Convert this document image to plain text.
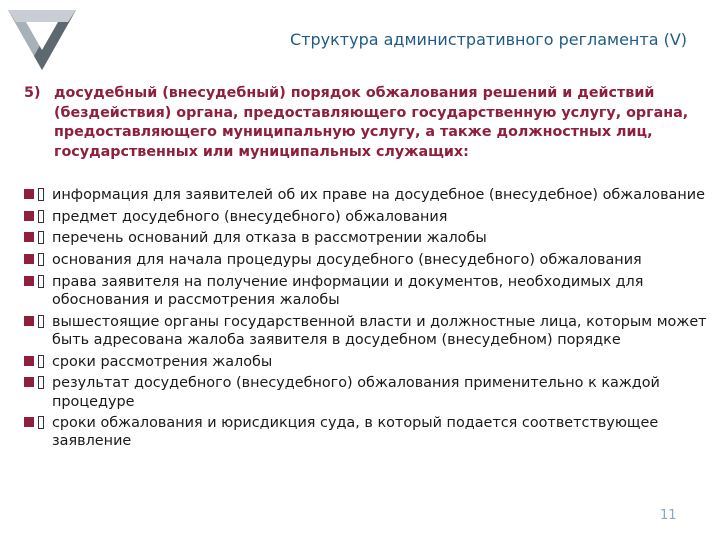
Структура административного регламента (V)
5) досудебный (внесудебный) порядок обжалования решений и действий (бездействия) органа, предоставляющего государственную услугу, органа, предоставляющего муниципальную услугу, а также должностных лиц, государственных или муниципальных служащих:
информация для заявителей об их праве на досудебное (внесудебное) обжалование
предмет досудебного (внесудебного) обжалования
перечень оснований для отказа в рассмотрении жалобы
основания для начала процедуры досудебного (внесудебного) обжалования
права заявителя на получение информации и документов, необходимых для обоснования и рассмотрения жалобы
вышестоящие органы государственной власти и должностные лица, которым может быть адресована жалоба заявителя в досудебном (внесудебном) порядке
сроки рассмотрения жалобы
результат досудебного (внесудебного) обжалования применительно к каждой процедуре
сроки обжалования и юрисдикция суда, в который подается соответствующее заявление
11
